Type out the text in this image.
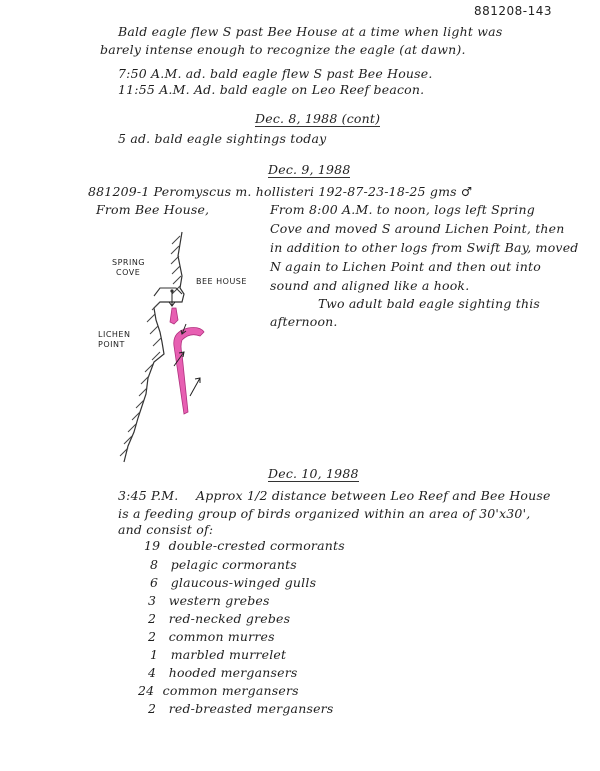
881208-143
Bald eagle flew S past Bee House at a time when light was
barely intense enough to recognize the eagle (at dawn).
7:50 A.M. ad. bald eagle flew S past Bee House.
11:55 A.M. Ad. bald eagle on Leo Reef beacon.
Dec. 8, 1988 (cont)
5 ad. bald eagle sightings today
Dec. 9, 1988
881209-1 Peromyscus m. hollisteri 192-87-23-18-25 gms ♂
From Bee House,	From 8:00 A.M. to noon, logs left Spring
Cove and moved S around Lichen Point, then
in addition to other logs from Swift Bay, moved
N again to Lichen Point and then out into
sound and aligned like a hook.
Two adult bald eagle sighting this
afternoon.
SPRING
COVE
BEE HOUSE
LICHEN
POINT
Dec. 10, 1988
3:45 P.M. Approx 1/2 distance between Leo Reef and Bee House
is a feeding group of birds organized within an area of 30'x30',
and consist of:
19 double-crested cormorants
8 pelagic cormorants
6 glaucous-winged gulls
3 western grebes
2 red-necked grebes
2 common murres
1 marbled murrelet
4 hooded mergansers
24 common mergansers
2 red-breasted mergansers
